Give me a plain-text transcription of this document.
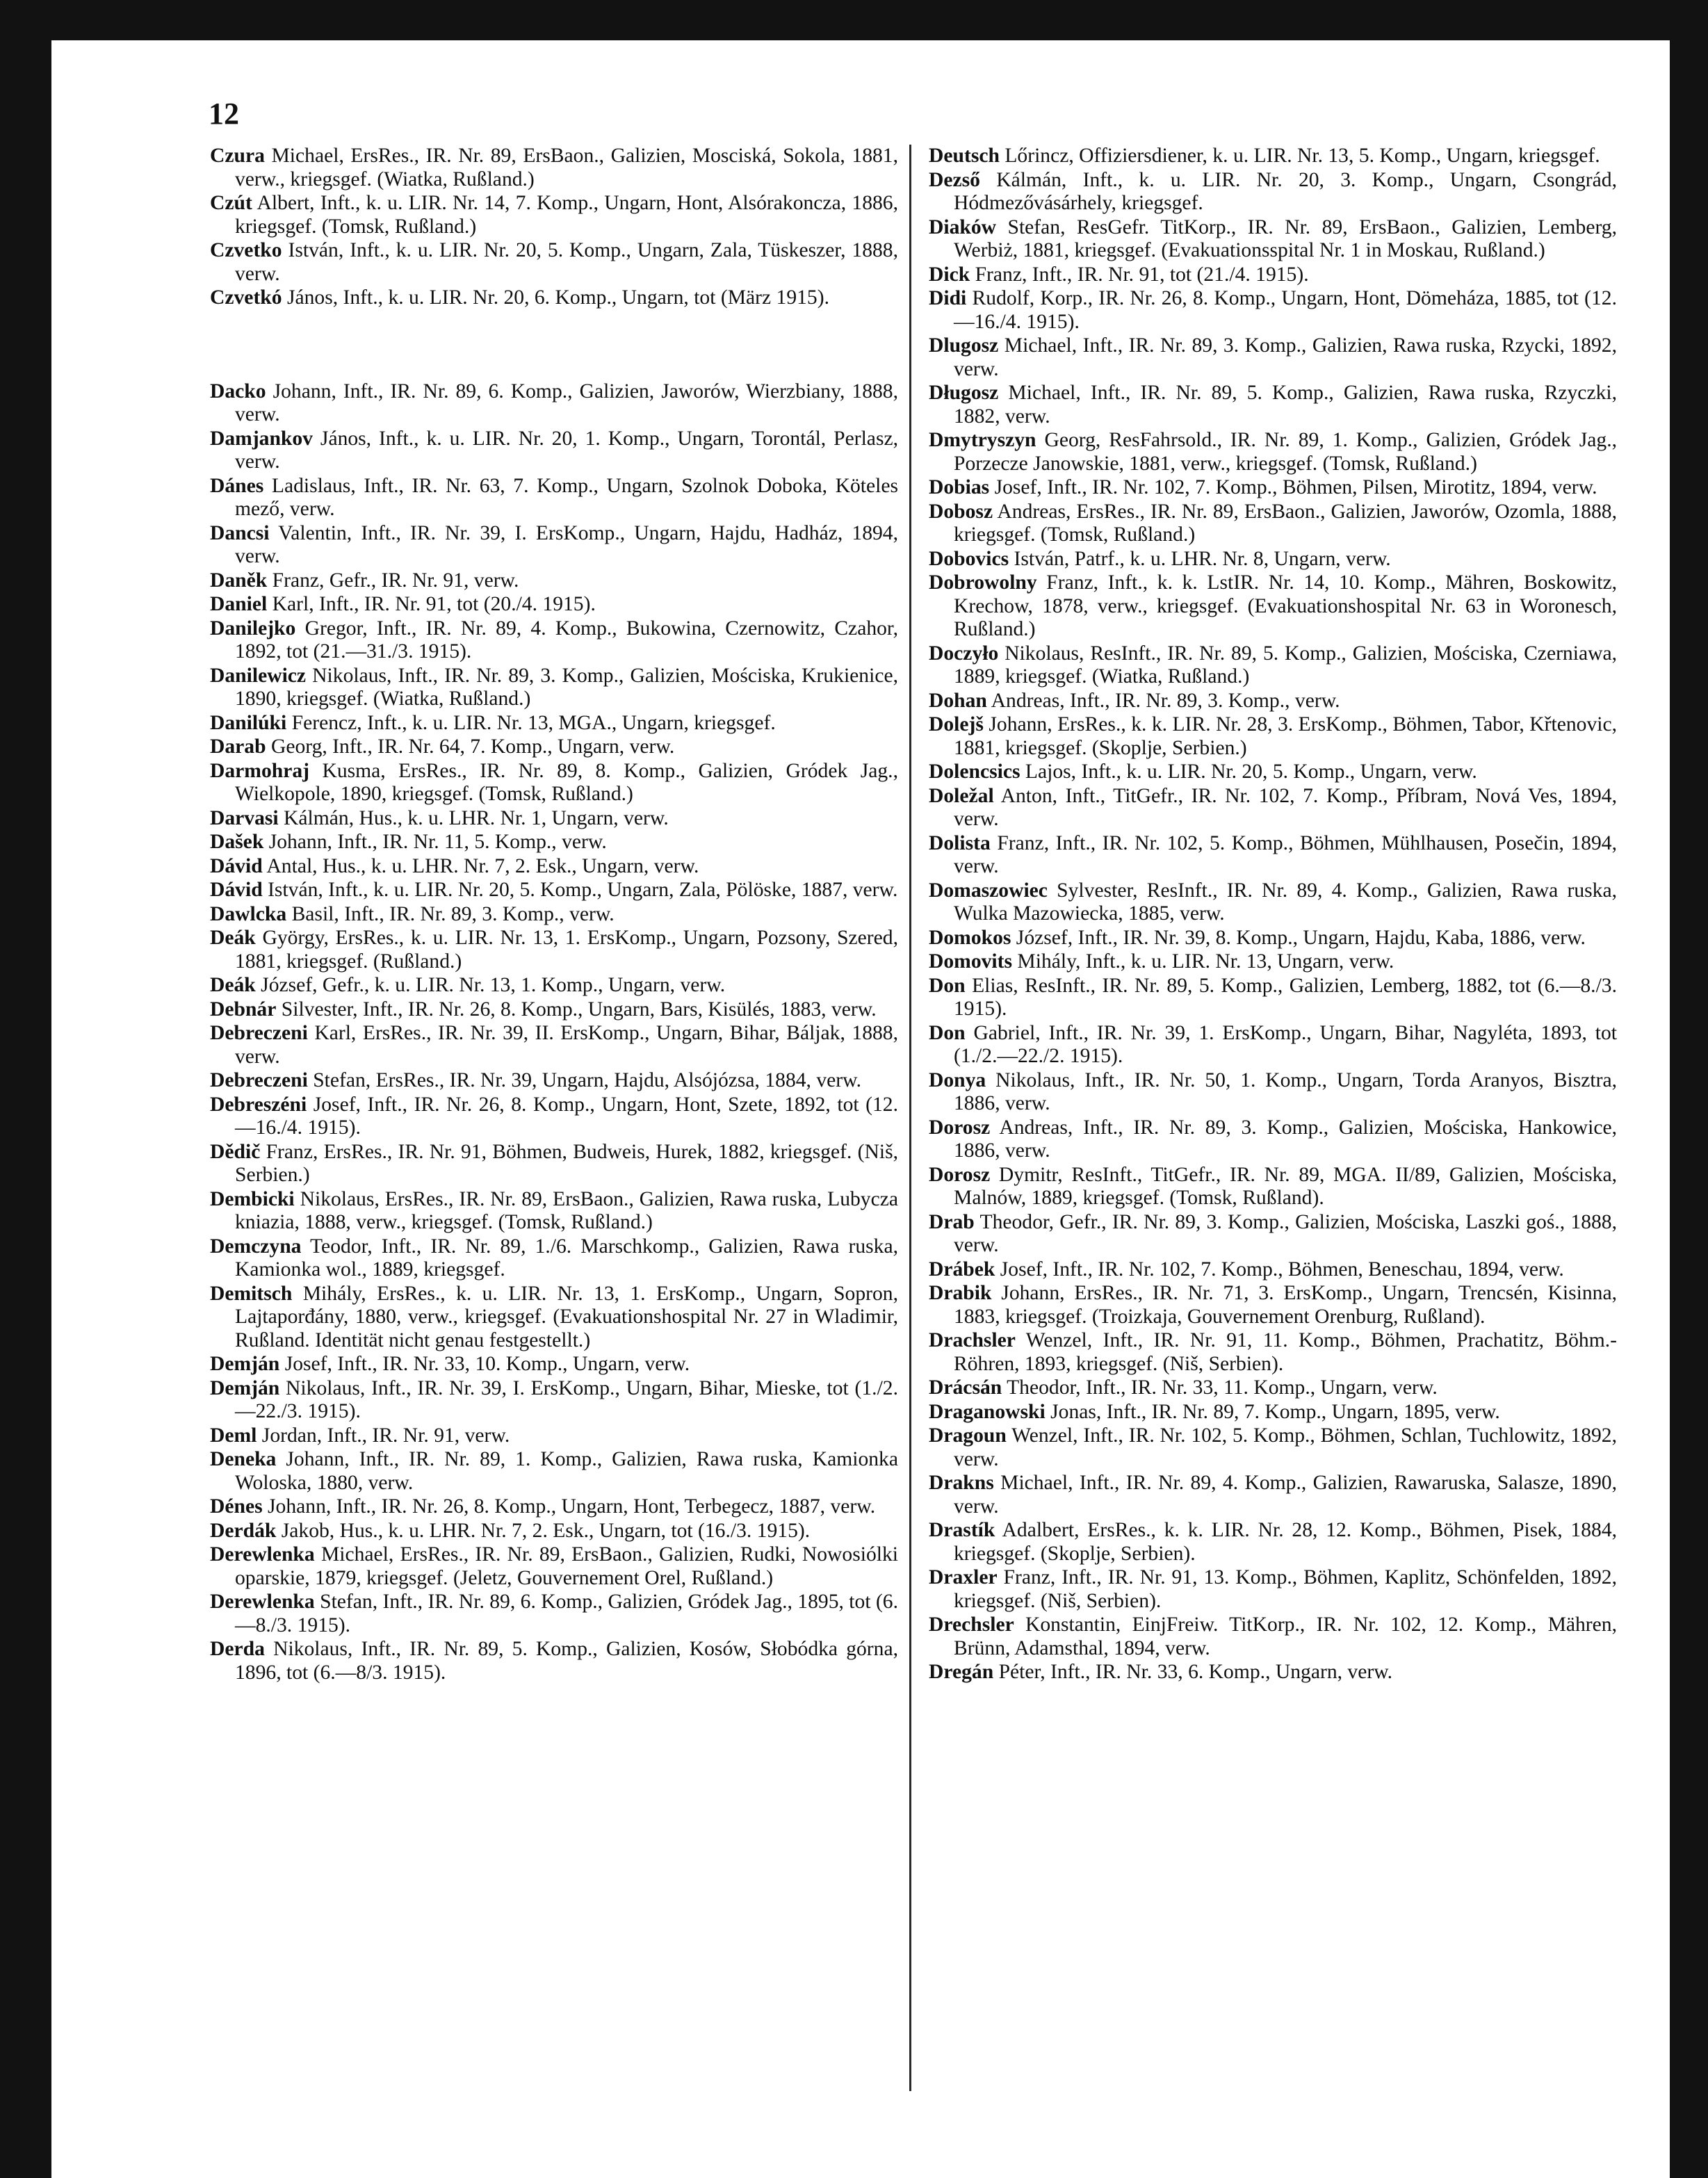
12

Czura Michael, ErsRes., IR. Nr. 89, ErsBaon., Galizien, Mosciská, Sokola, 1881, verw., kriegsgef. (Wiatka, Rußland.)

Czút Albert, Inft., k. u. LIR. Nr. 14, 7. Komp., Ungarn, Hont, Alsórakoncza, 1886, kriegsgef. (Tomsk, Rußland.)

Czvetko István, Inft., k. u. LIR. Nr. 20, 5. Komp., Ungarn, Zala, Tüskeszer, 1888, verw.

Czvetkó János, Inft., k. u. LIR. Nr. 20, 6. Komp., Ungarn, tot (März 1915).

Dacko Johann, Inft., IR. Nr. 89, 6. Komp., Galizien, Jaworów, Wierzbiany, 1888, verw.

Damjankov János, Inft., k. u. LIR. Nr. 20, 1. Komp., Ungarn, Torontál, Perlasz, verw.

Dánes Ladislaus, Inft., IR. Nr. 63, 7. Komp., Ungarn, Szolnok Doboka, Köteles mező, verw.

Dancsi Valentin, Inft., IR. Nr. 39, I. ErsKomp., Ungarn, Hajdu, Hadház, 1894, verw.

Daněk Franz, Gefr., IR. Nr. 91, verw.

Daniel Karl, Inft., IR. Nr. 91, tot (20./4. 1915).

Danilejko Gregor, Inft., IR. Nr. 89, 4. Komp., Bukowina, Czernowitz, Czahor, 1892, tot (21.—31./3. 1915).

Danilewicz Nikolaus, Inft., IR. Nr. 89, 3. Komp., Galizien, Mościska, Krukienice, 1890, kriegsgef. (Wiatka, Rußland.)

Danilúki Ferencz, Inft., k. u. LIR. Nr. 13, MGA., Ungarn, kriegsgef.

Darab Georg, Inft., IR. Nr. 64, 7. Komp., Ungarn, verw.

Darmohraj Kusma, ErsRes., IR. Nr. 89, 8. Komp., Galizien, Gródek Jag., Wielkopole, 1890, kriegsgef. (Tomsk, Rußland.)

Darvasi Kálmán, Hus., k. u. LHR. Nr. 1, Ungarn, verw.

Dašek Johann, Inft., IR. Nr. 11, 5. Komp., verw.

Dávid Antal, Hus., k. u. LHR. Nr. 7, 2. Esk., Ungarn, verw.

Dávid István, Inft., k. u. LIR. Nr. 20, 5. Komp., Ungarn, Zala, Pölöske, 1887, verw.

Dawlcka Basil, Inft., IR. Nr. 89, 3. Komp., verw.

Deák György, ErsRes., k. u. LIR. Nr. 13, 1. ErsKomp., Ungarn, Pozsony, Szered, 1881, kriegsgef. (Rußland.)

Deák József, Gefr., k. u. LIR. Nr. 13, 1. Komp., Ungarn, verw.

Debnár Silvester, Inft., IR. Nr. 26, 8. Komp., Ungarn, Bars, Kisülés, 1883, verw.

Debreczeni Karl, ErsRes., IR. Nr. 39, II. ErsKomp., Ungarn, Bihar, Báljak, 1888, verw.

Debreczeni Stefan, ErsRes., IR. Nr. 39, Ungarn, Hajdu, Alsójózsa, 1884, verw.

Debreszéni Josef, Inft., IR. Nr. 26, 8. Komp., Ungarn, Hont, Szete, 1892, tot (12.—16./4. 1915).

Dědič Franz, ErsRes., IR. Nr. 91, Böhmen, Budweis, Hurek, 1882, kriegsgef. (Niš, Serbien.)

Dembicki Nikolaus, ErsRes., IR. Nr. 89, ErsBaon., Galizien, Rawa ruska, Lubycza kniazia, 1888, verw., kriegsgef. (Tomsk, Rußland.)

Demczyna Teodor, Inft., IR. Nr. 89, 1./6. Marschkomp., Galizien, Rawa ruska, Kamionka wol., 1889, kriegsgef.

Demitsch Mihály, ErsRes., k. u. LIR. Nr. 13, 1. ErsKomp., Ungarn, Sopron, Lajtaporđány, 1880, verw., kriegsgef. (Evakuationshospital Nr. 27 in Wladimir, Rußland. Identität nicht genau festgestellt.)

Demján Josef, Inft., IR. Nr. 33, 10. Komp., Ungarn, verw.

Demján Nikolaus, Inft., IR. Nr. 39, I. ErsKomp., Ungarn, Bihar, Mieske, tot (1./2.—22./3. 1915).

Deml Jordan, Inft., IR. Nr. 91, verw.

Deneka Johann, Inft., IR. Nr. 89, 1. Komp., Galizien, Rawa ruska, Kamionka Woloska, 1880, verw.

Dénes Johann, Inft., IR. Nr. 26, 8. Komp., Ungarn, Hont, Terbegecz, 1887, verw.

Derdák Jakob, Hus., k. u. LHR. Nr. 7, 2. Esk., Ungarn, tot (16./3. 1915).

Derewlenka Michael, ErsRes., IR. Nr. 89, ErsBaon., Galizien, Rudki, Nowosiólki oparskie, 1879, kriegsgef. (Jeletz, Gouvernement Orel, Rußland.)

Derewlenka Stefan, Inft., IR. Nr. 89, 6. Komp., Galizien, Gródek Jag., 1895, tot (6.—8./3. 1915).

Derda Nikolaus, Inft., IR. Nr. 89, 5. Komp., Galizien, Kosów, Słobódka górna, 1896, tot (6.—8/3. 1915).

Deutsch Lőrincz, Offiziersdiener, k. u. LIR. Nr. 13, 5. Komp., Ungarn, kriegsgef.

Dezső Kálmán, Inft., k. u. LIR. Nr. 20, 3. Komp., Ungarn, Csongrád, Hódmezővásárhely, kriegsgef.

Diaków Stefan, ResGefr. TitKorp., IR. Nr. 89, ErsBaon., Galizien, Lemberg, Werbiż, 1881, kriegsgef. (Evakuationsspital Nr. 1 in Moskau, Rußland.)

Dick Franz, Inft., IR. Nr. 91, tot (21./4. 1915).

Didi Rudolf, Korp., IR. Nr. 26, 8. Komp., Ungarn, Hont, Dömeháza, 1885, tot (12.—16./4. 1915).

Dlugosz Michael, Inft., IR. Nr. 89, 3. Komp., Galizien, Rawa ruska, Rzycki, 1892, verw.

Długosz Michael, Inft., IR. Nr. 89, 5. Komp., Galizien, Rawa ruska, Rzyczki, 1882, verw.

Dmytryszyn Georg, ResFahrsold., IR. Nr. 89, 1. Komp., Galizien, Gródek Jag., Porzecze Janowskie, 1881, verw., kriegsgef. (Tomsk, Rußland.)

Dobias Josef, Inft., IR. Nr. 102, 7. Komp., Böhmen, Pilsen, Mirotitz, 1894, verw.

Dobosz Andreas, ErsRes., IR. Nr. 89, ErsBaon., Galizien, Jaworów, Ozomla, 1888, kriegsgef. (Tomsk, Rußland.)

Dobovics István, Patrf., k. u. LHR. Nr. 8, Ungarn, verw.

Dobrowolny Franz, Inft., k. k. LstIR. Nr. 14, 10. Komp., Mähren, Boskowitz, Krechow, 1878, verw., kriegsgef. (Evakuationshospital Nr. 63 in Woronesch, Rußland.)

Doczyło Nikolaus, ResInft., IR. Nr. 89, 5. Komp., Galizien, Mościska, Czerniawa, 1889, kriegsgef. (Wiatka, Rußland.)

Dohan Andreas, Inft., IR. Nr. 89, 3. Komp., verw.

Dolejš Johann, ErsRes., k. k. LIR. Nr. 28, 3. ErsKomp., Böhmen, Tabor, Křtenovic, 1881, kriegsgef. (Skoplje, Serbien.)

Dolencsics Lajos, Inft., k. u. LIR. Nr. 20, 5. Komp., Ungarn, verw.

Doležal Anton, Inft., TitGefr., IR. Nr. 102, 7. Komp., Příbram, Nová Ves, 1894, verw.

Dolista Franz, Inft., IR. Nr. 102, 5. Komp., Böhmen, Mühlhausen, Posečin, 1894, verw.

Domaszowiec Sylvester, ResInft., IR. Nr. 89, 4. Komp., Galizien, Rawa ruska, Wulka Mazowiecka, 1885, verw.

Domokos József, Inft., IR. Nr. 39, 8. Komp., Ungarn, Hajdu, Kaba, 1886, verw.

Domovits Mihály, Inft., k. u. LIR. Nr. 13, Ungarn, verw.

Don Elias, ResInft., IR. Nr. 89, 5. Komp., Galizien, Lemberg, 1882, tot (6.—8./3. 1915).

Don Gabriel, Inft., IR. Nr. 39, 1. ErsKomp., Ungarn, Bihar, Nagyléta, 1893, tot (1./2.—22./2. 1915).

Donya Nikolaus, Inft., IR. Nr. 50, 1. Komp., Ungarn, Torda Aranyos, Bisztra, 1886, verw.

Dorosz Andreas, Inft., IR. Nr. 89, 3. Komp., Galizien, Mościska, Hankowice, 1886, verw.

Dorosz Dymitr, ResInft., TitGefr., IR. Nr. 89, MGA. II/89, Galizien, Mościska, Malnów, 1889, kriegsgef. (Tomsk, Rußland).

Drab Theodor, Gefr., IR. Nr. 89, 3. Komp., Galizien, Mościska, Laszki goś., 1888, verw.

Drábek Josef, Inft., IR. Nr. 102, 7. Komp., Böhmen, Beneschau, 1894, verw.

Drabik Johann, ErsRes., IR. Nr. 71, 3. ErsKomp., Ungarn, Trencsén, Kisinna, 1883, kriegsgef. (Troizkaja, Gouvernement Orenburg, Rußland).

Drachsler Wenzel, Inft., IR. Nr. 91, 11. Komp., Böhmen, Prachatitz, Böhm.-Röhren, 1893, kriegsgef. (Niš, Serbien).

Drácsán Theodor, Inft., IR. Nr. 33, 11. Komp., Ungarn, verw.

Draganowski Jonas, Inft., IR. Nr. 89, 7. Komp., Ungarn, 1895, verw.

Dragoun Wenzel, Inft., IR. Nr. 102, 5. Komp., Böhmen, Schlan, Tuchlowitz, 1892, verw.

Drakns Michael, Inft., IR. Nr. 89, 4. Komp., Galizien, Rawaruska, Salasze, 1890, verw.

Drastík Adalbert, ErsRes., k. k. LIR. Nr. 28, 12. Komp., Böhmen, Pisek, 1884, kriegsgef. (Skoplje, Serbien).

Draxler Franz, Inft., IR. Nr. 91, 13. Komp., Böhmen, Kaplitz, Schönfelden, 1892, kriegsgef. (Niš, Serbien).

Drechsler Konstantin, EinjFreiw. TitKorp., IR. Nr. 102, 12. Komp., Mähren, Brünn, Adamsthal, 1894, verw.

Dregán Péter, Inft., IR. Nr. 33, 6. Komp., Ungarn, verw.
